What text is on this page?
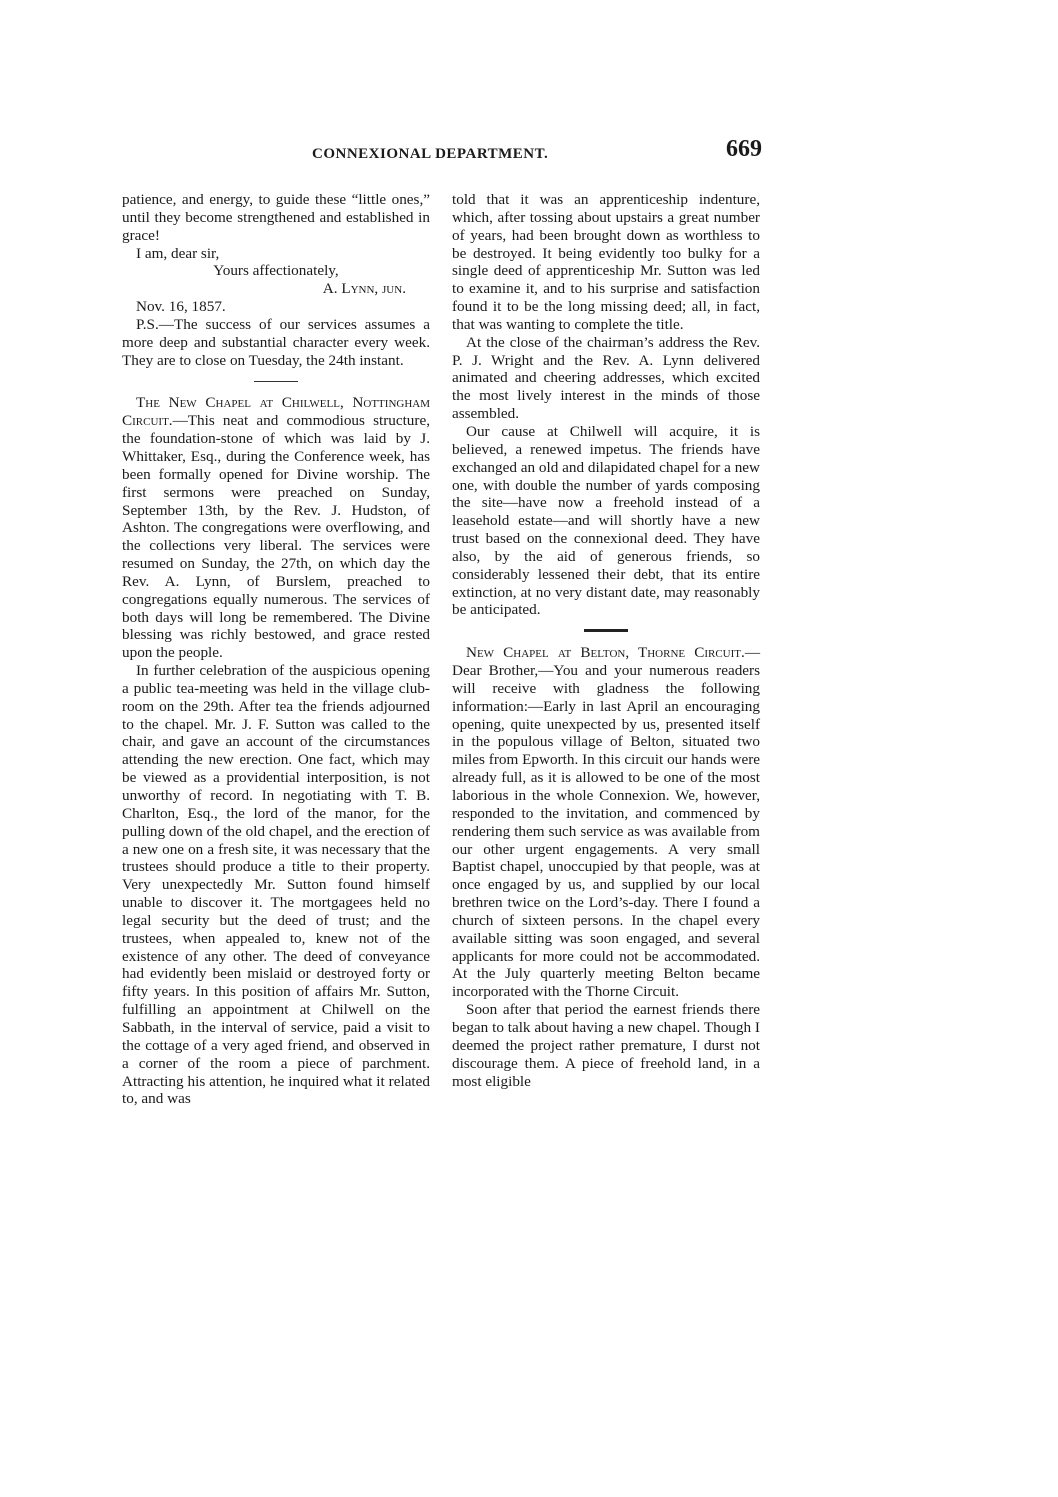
CONNEXIONAL DEPARTMENT.	669

patience, and energy, to guide these “little ones,” until they become strengthened and established in grace!

I am, dear sir,

Yours affectionately,

A. Lynn, jun.

Nov. 16, 1857.

P.S.—The success of our services assumes a more deep and substantial character every week. They are to close on Tuesday, the 24th instant.

The New Chapel at Chilwell, Nottingham Circuit.—This neat and commodious structure, the foundation-stone of which was laid by J. Whittaker, Esq., during the Conference week, has been formally opened for Divine worship. The first sermons were preached on Sunday, September 13th, by the Rev. J. Hudston, of Ashton. The congregations were overflowing, and the collections very liberal. The services were resumed on Sunday, the 27th, on which day the Rev. A. Lynn, of Burslem, preached to congregations equally numerous. The services of both days will long be remembered. The Divine blessing was richly bestowed, and grace rested upon the people.

In further celebration of the auspicious opening a public tea-meeting was held in the village club-room on the 29th. After tea the friends adjourned to the chapel. Mr. J. F. Sutton was called to the chair, and gave an account of the circumstances attending the new erection. One fact, which may be viewed as a providential interposition, is not unworthy of record. In negotiating with T. B. Charlton, Esq., the lord of the manor, for the pulling down of the old chapel, and the erection of a new one on a fresh site, it was necessary that the trustees should produce a title to their property. Very unexpectedly Mr. Sutton found himself unable to discover it. The mortgagees held no legal security but the deed of trust; and the trustees, when appealed to, knew not of the existence of any other. The deed of conveyance had evidently been mislaid or destroyed forty or fifty years. In this position of affairs Mr. Sutton, fulfilling an appointment at Chilwell on the Sabbath, in the interval of service, paid a visit to the cottage of a very aged friend, and observed in a corner of the room a piece of parchment. Attracting his attention, he inquired what it related to, and was

told that it was an apprenticeship indenture, which, after tossing about upstairs a great number of years, had been brought down as worthless to be destroyed. It being evidently too bulky for a single deed of apprenticeship Mr. Sutton was led to examine it, and to his surprise and satisfaction found it to be the long missing deed; all, in fact, that was wanting to complete the title.

At the close of the chairman’s address the Rev. P. J. Wright and the Rev. A. Lynn delivered animated and cheering addresses, which excited the most lively interest in the minds of those assembled.

Our cause at Chilwell will acquire, it is believed, a renewed impetus. The friends have exchanged an old and dilapidated chapel for a new one, with double the number of yards composing the site—have now a freehold instead of a leasehold estate—and will shortly have a new trust based on the connexional deed. They have also, by the aid of generous friends, so considerably lessened their debt, that its entire extinction, at no very distant date, may reasonably be anticipated.

New Chapel at Belton, Thorne Circuit.—Dear Brother,—You and your numerous readers will receive with gladness the following information:—Early in last April an encouraging opening, quite unexpected by us, presented itself in the populous village of Belton, situated two miles from Epworth. In this circuit our hands were already full, as it is allowed to be one of the most laborious in the whole Connexion. We, however, responded to the invitation, and commenced by rendering them such service as was available from our other urgent engagements. A very small Baptist chapel, unoccupied by that people, was at once engaged by us, and supplied by our local brethren twice on the Lord’s-day. There I found a church of sixteen persons. In the chapel every available sitting was soon engaged, and several applicants for more could not be accommodated. At the July quarterly meeting Belton became incorporated with the Thorne Circuit.

Soon after that period the earnest friends there began to talk about having a new chapel. Though I deemed the project rather premature, I durst not discourage them. A piece of freehold land, in a most eligible
